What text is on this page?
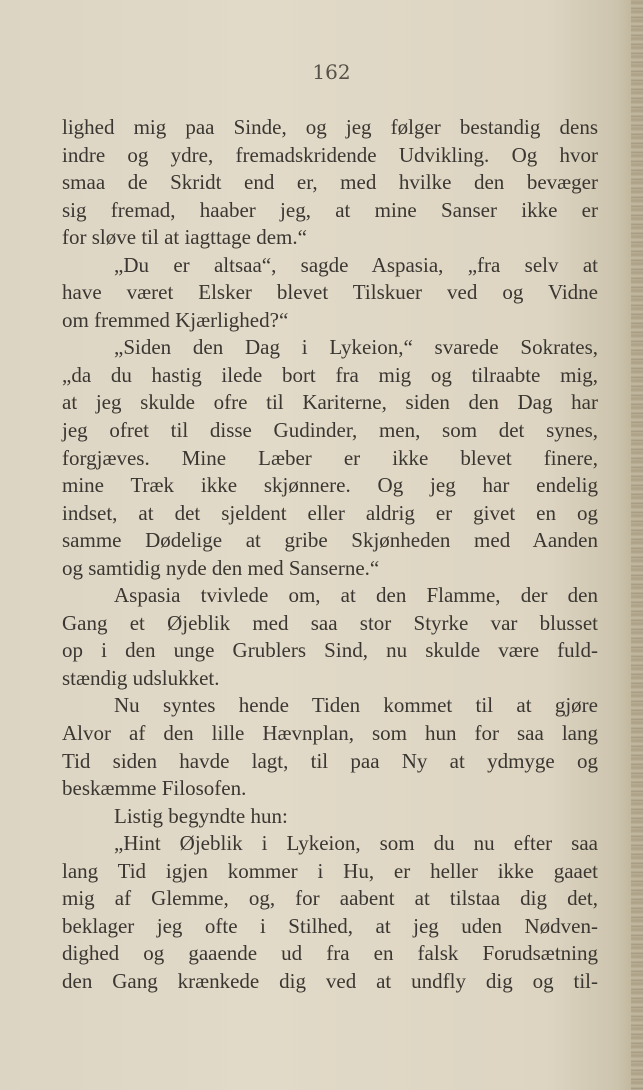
162
lighed mig paa Sinde, og jeg følger bestandig dens
indre og ydre, fremadskridende Udvikling. Og hvor
smaa de Skridt end er, med hvilke den bevæger
sig fremad, haaber jeg, at mine Sanser ikke er
for sløve til at iagttage dem.“
„Du er altsaa“, sagde Aspasia, „fra selv at
have været Elsker blevet Tilskuer ved og Vidne
om fremmed Kjærlighed?“
„Siden den Dag i Lykeion,“ svarede Sokrates,
„da du hastig ilede bort fra mig og tilraabte mig,
at jeg skulde ofre til Kariterne, siden den Dag har
jeg ofret til disse Gudinder, men, som det synes,
forgjæves. Mine Læber er ikke blevet finere,
mine Træk ikke skjønnere. Og jeg har endelig
indset, at det sjeldent eller aldrig er givet en og
samme Dødelige at gribe Skjønheden med Aanden
og samtidig nyde den med Sanserne.“
Aspasia tvivlede om, at den Flamme, der den
Gang et Øjeblik med saa stor Styrke var blusset
op i den unge Grublers Sind, nu skulde være fuld-
stændig udslukket.
Nu syntes hende Tiden kommet til at gjøre
Alvor af den lille Hævnplan, som hun for saa lang
Tid siden havde lagt, til paa Ny at ydmyge og
beskæmme Filosofen.
Listig begyndte hun:
„Hint Øjeblik i Lykeion, som du nu efter saa
lang Tid igjen kommer i Hu, er heller ikke gaaet
mig af Glemme, og, for aabent at tilstaa dig det,
beklager jeg ofte i Stilhed, at jeg uden Nødven-
dighed og gaaende ud fra en falsk Forudsætning
den Gang krænkede dig ved at undfly dig og til-
